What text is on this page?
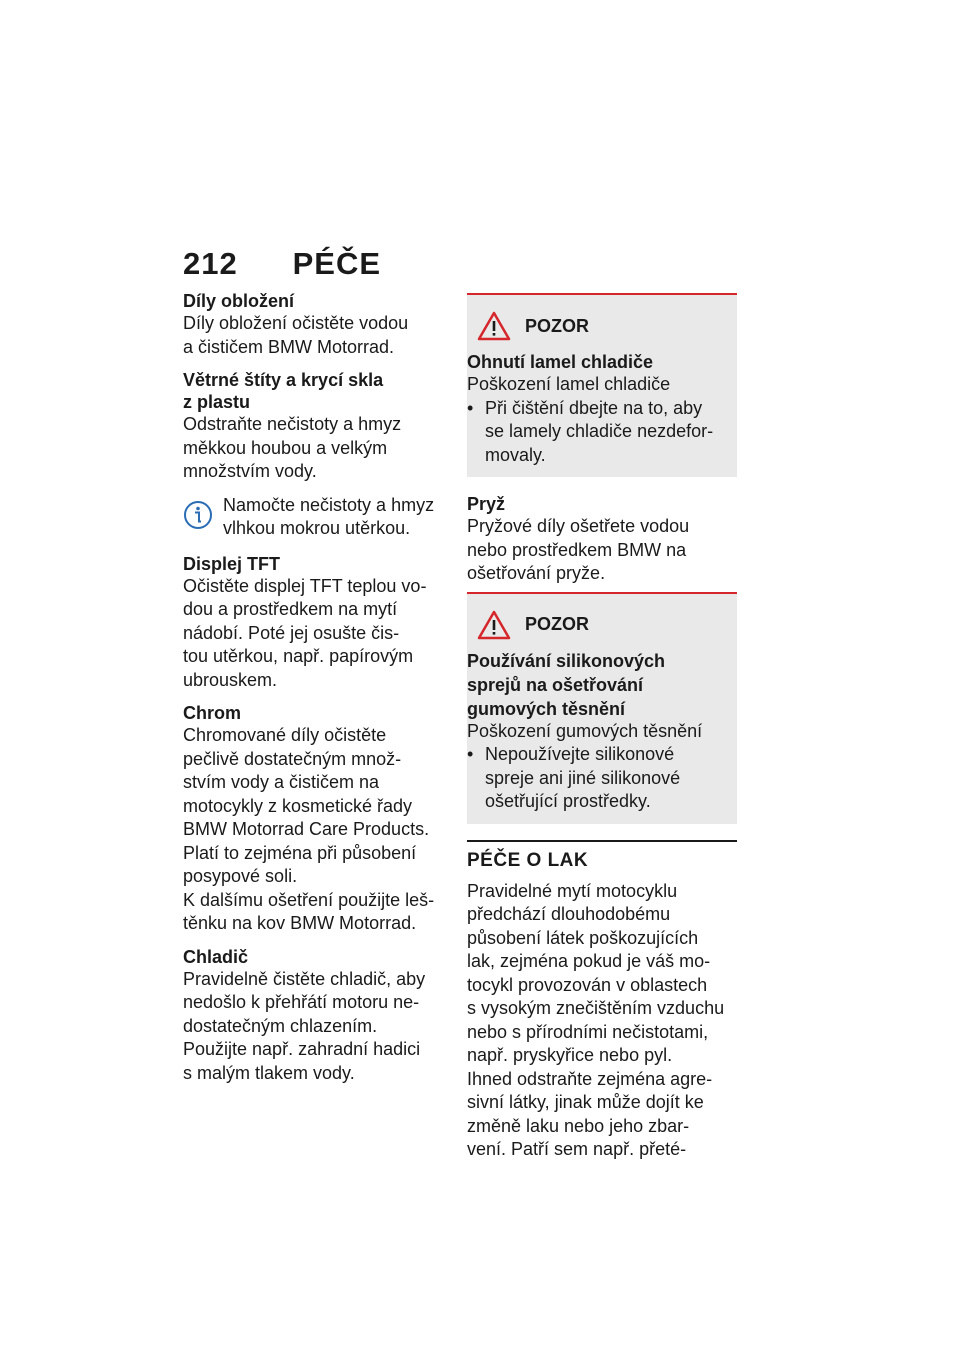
212 PÉČE

Díly obložení

Díly obložení očistěte vodou

a čističem BMW Motorrad.

Větrné štíty a krycí skla

z plastu

Odstraňte nečistoty a hmyz

měkkou houbou a velkým

množstvím vody.

Namočte nečistoty a hmyz
vlhkou mokrou utěrkou.

Displej TFT

Očistěte displej TFT teplou vo-

dou a prostředkem na mytí

nádobí. Poté jej osušte čis-

tou utěrkou, např. papírovým

ubrouskem.

Chrom

Chromované díly očistěte

pečlivě dostatečným množ-

stvím vody a čističem na

motocykly z kosmetické řady

BMW Motorrad Care Products.

Platí to zejména při působení

posypové soli.

K dalšímu ošetření použijte leš-

těnku na kov BMW Motorrad.

Chladič

Pravidelně čistěte chladič, aby

nedošlo k přehřátí motoru ne-

dostatečným chlazením.

Použijte např. zahradní hadici

s malým tlakem vody.

POZOR

Ohnutí lamel chladiče

Poškození lamel chladiče

• Při čištění dbejte na to, aby
se lamely chladiče nezdefor-
movaly.

Pryž

Pryžové díly ošetřete vodou

nebo prostředkem BMW na

ošetřování pryže.

POZOR

Používání silikonových

sprejů na ošetřování

gumových těsnění

Poškození gumových těsnění

• Nepoužívejte silikonové
spreje ani jiné silikonové
ošetřující prostředky.
PÉČE O LAK
Pravidelné mytí motocyklu
předchází dlouhodobému
působení látek poškozujících
lak, zejména pokud je váš mo-
tocykl provozován v oblastech
s vysokým znečištěním vzduchu
nebo s přírodními nečistotami,
např. pryskyřice nebo pyl.
Ihned odstraňte zejména agre-
sivní látky, jinak může dojít ke
změně laku nebo jeho zbar-
vení. Patří sem např. přeté-
